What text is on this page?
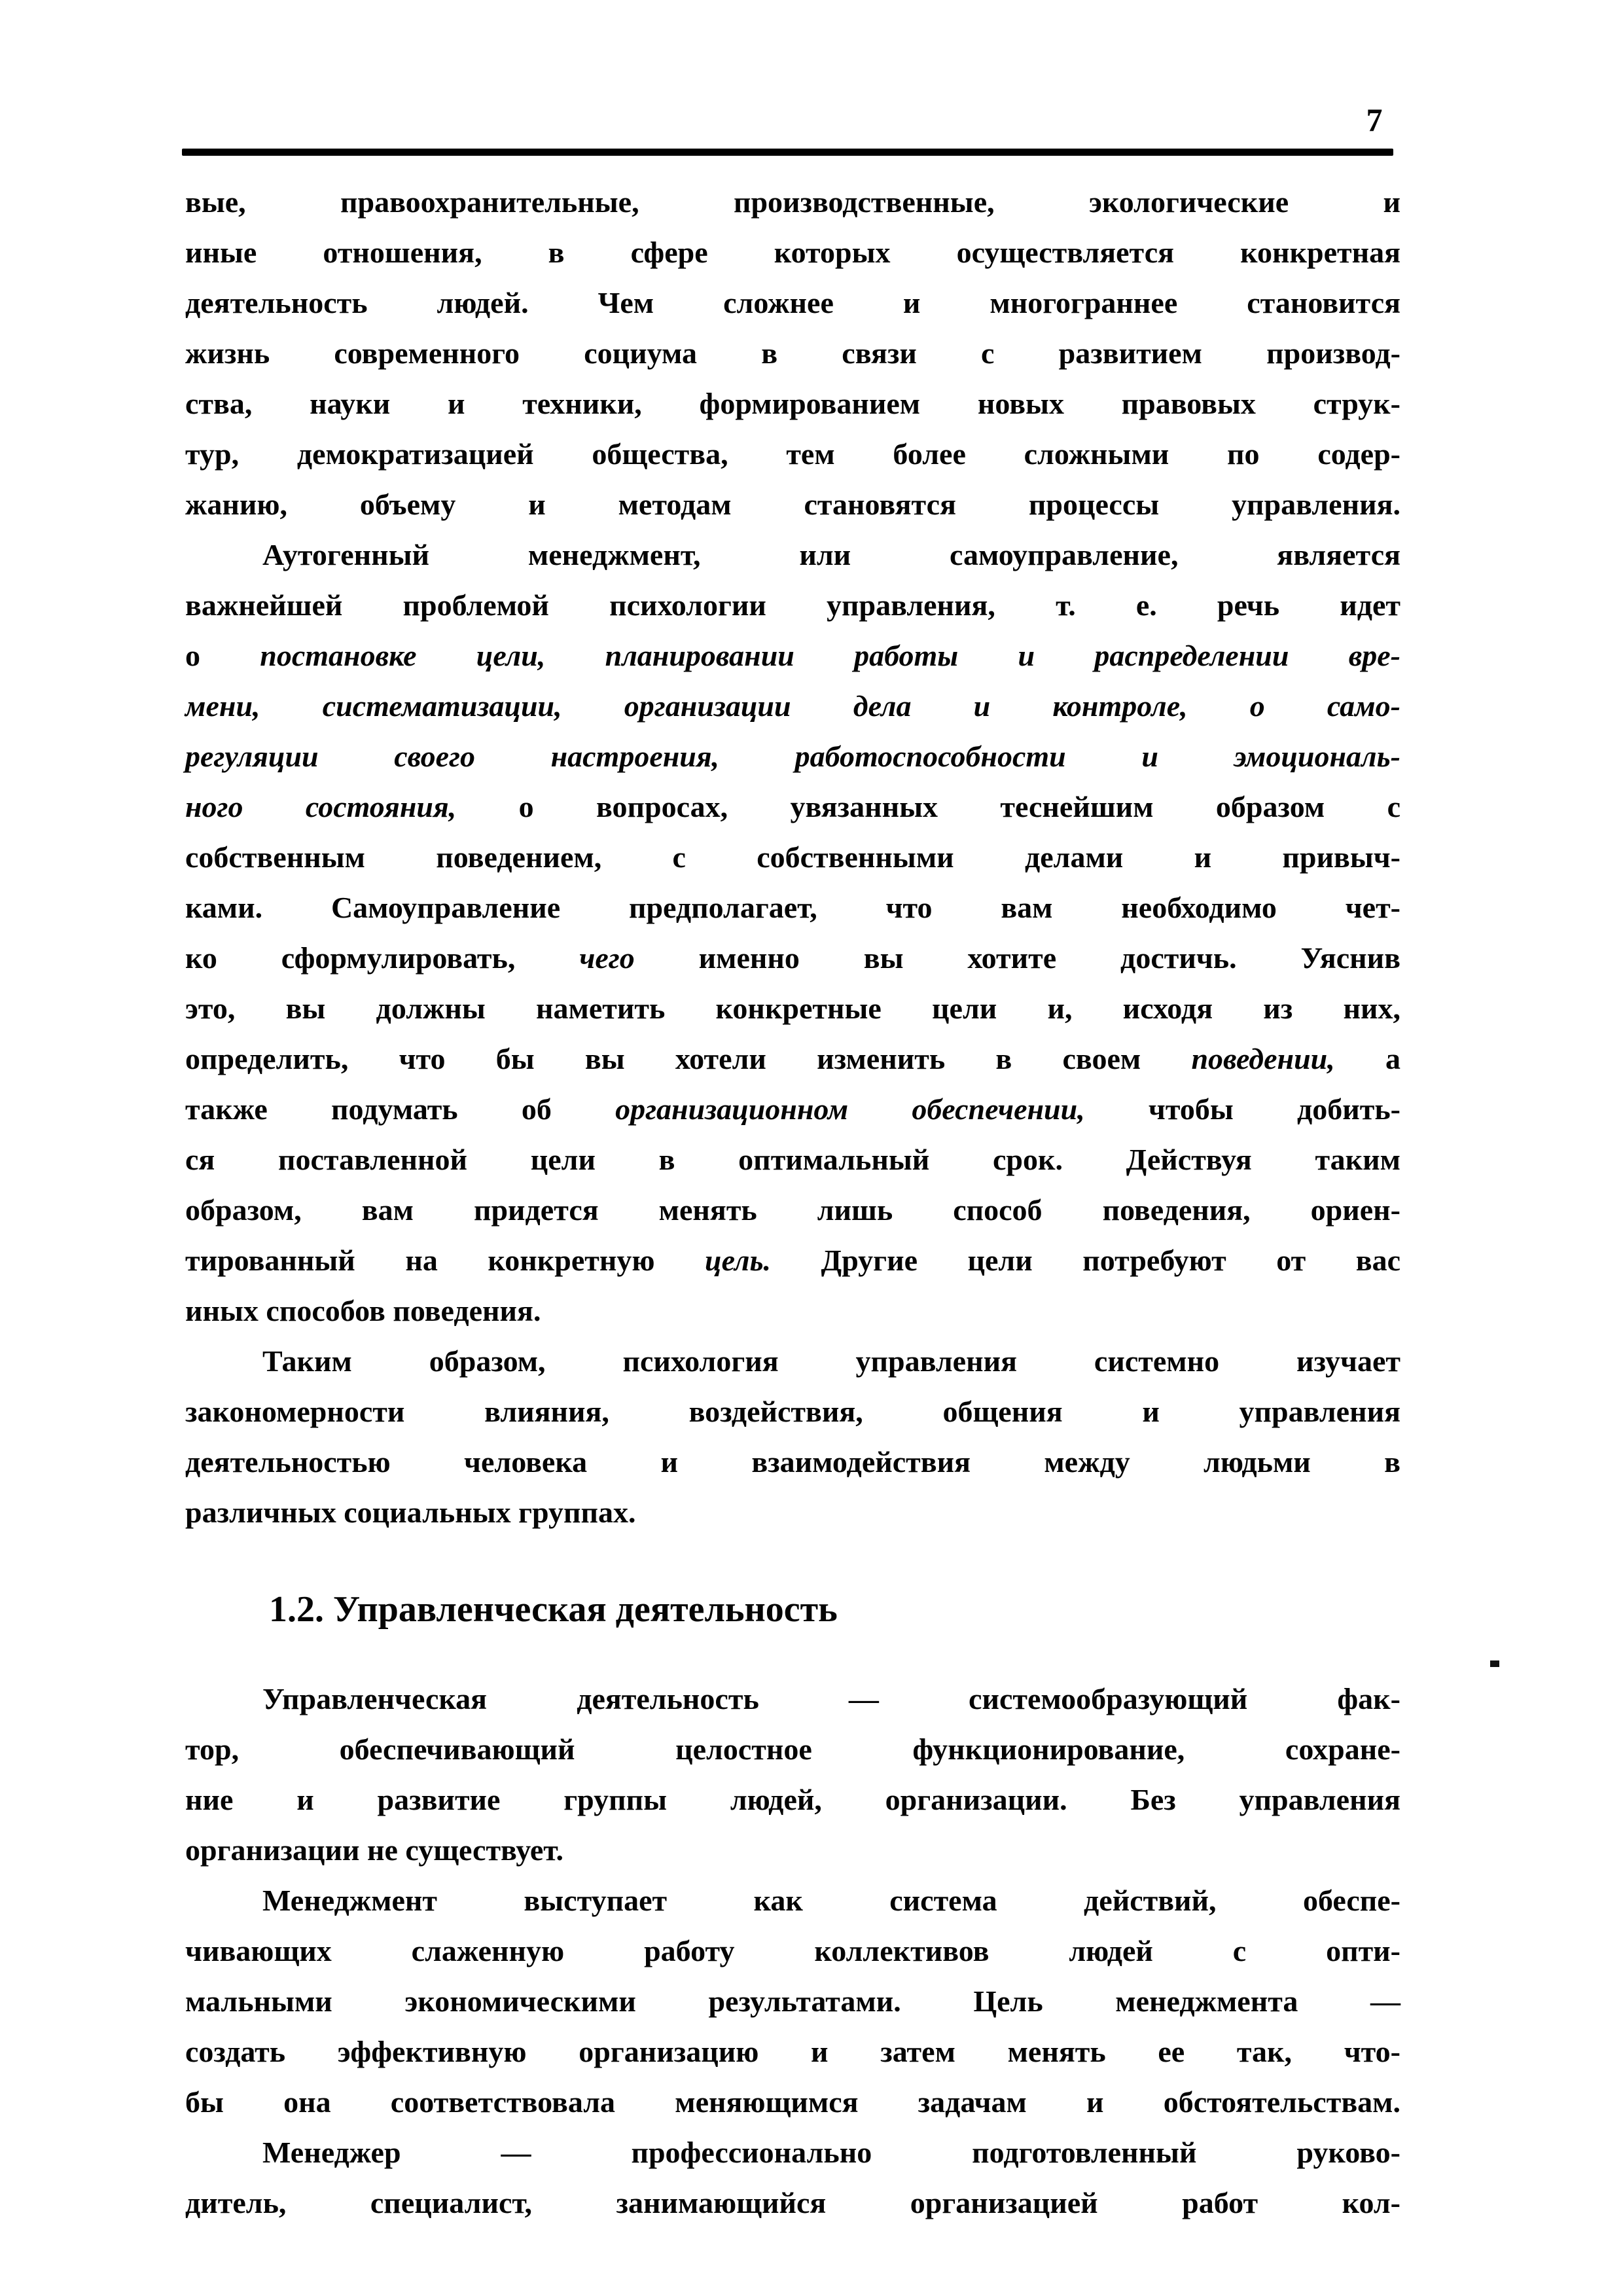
7
вые, правоохранительные, производственные, экологические и
иные отношения, в сфере которых осуществляется конкретная
деятельность людей. Чем сложнее и многограннее становится
жизнь современного социума в связи с развитием производ-
ства, науки и техники, формированием новых правовых струк-
тур, демократизацией общества, тем более сложными по содер-
жанию, объему и методам становятся процессы управления.
Аутогенный менеджмент, или самоуправление, является
важнейшей проблемой психологии управления, т. е. речь идет
о постановке цели, планировании работы и распределении вре-
мени, систематизации, организации дела и контроле, о само-
регуляции своего настроения, работоспособности и эмоциональ-
ного состояния, о вопросах, увязанных теснейшим образом с
собственным поведением, с собственными делами и привыч-
ками. Самоуправление предполагает, что вам необходимо чет-
ко сформулировать, чего именно вы хотите достичь. Уяснив
это, вы должны наметить конкретные цели и, исходя из них,
определить, что бы вы хотели изменить в своем поведении, а
также подумать об организационном обеспечении, чтобы добить-
ся поставленной цели в оптимальный срок. Действуя таким
образом, вам придется менять лишь способ поведения, ориен-
тированный на конкретную цель. Другие цели потребуют от вас
иных способов поведения.
Таким образом, психология управления системно изучает
закономерности влияния, воздействия, общения и управления
деятельностью человека и взаимодействия между людьми в
различных социальных группах.
1.2. Управленческая деятельность
Управленческая деятельность — системообразующий фак-
тор, обеспечивающий целостное функционирование, сохране-
ние и развитие группы людей, организации. Без управления
организации не существует.
Менеджмент выступает как система действий, обеспе-
чивающих слаженную работу коллективов людей с опти-
мальными экономическими результатами. Цель менеджмента —
создать эффективную организацию и затем менять ее так, что-
бы она соответствовала меняющимся задачам и обстоятельствам.
Менеджер — профессионально подготовленный руково-
дитель, специалист, занимающийся организацией работ кол-
